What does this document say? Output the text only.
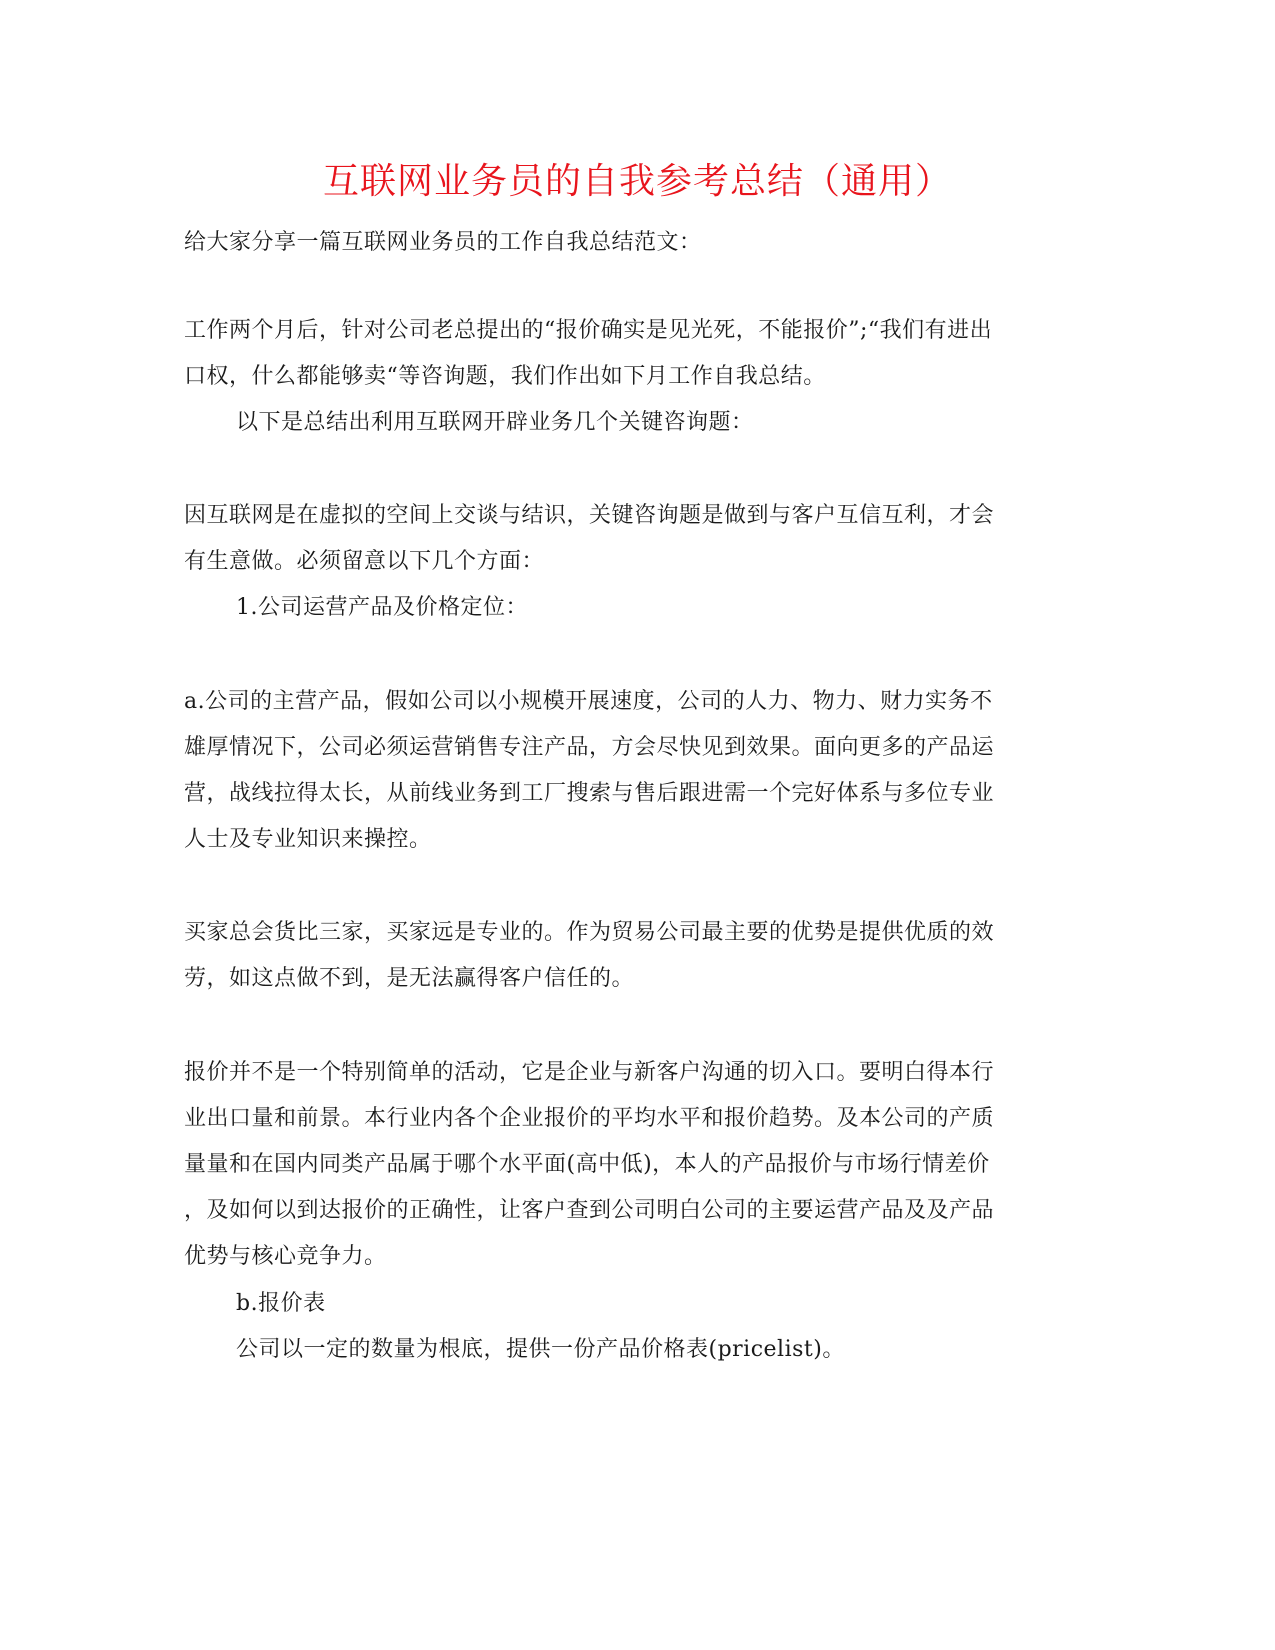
互联网业务员的自我参考总结（通用）
给大家分享一篇互联网业务员的工作自我总结范文：
工作两个月后，针对公司老总提出的“报价确实是见光死，不能报价”;“我们有进出
口权，什么都能够卖“等咨询题，我们作出如下月工作自我总结。
以下是总结出利用互联网开辟业务几个关键咨询题：
因互联网是在虚拟的空间上交谈与结识，关键咨询题是做到与客户互信互利，才会
有生意做。必须留意以下几个方面：
1.公司运营产品及价格定位：
a.公司的主营产品，假如公司以小规模开展速度，公司的人力、物力、财力实务不
雄厚情况下，公司必须运营销售专注产品，方会尽快见到效果。面向更多的产品运
营，战线拉得太长，从前线业务到工厂搜索与售后跟进需一个完好体系与多位专业
人士及专业知识来操控。
买家总会货比三家，买家远是专业的。作为贸易公司最主要的优势是提供优质的效
劳，如这点做不到，是无法赢得客户信任的。
报价并不是一个特别简单的活动，它是企业与新客户沟通的切入口。要明白得本行
业出口量和前景。本行业内各个企业报价的平均水平和报价趋势。及本公司的产质
量量和在国内同类产品属于哪个水平面(高中低)，本人的产品报价与市场行情差价
，及如何以到达报价的正确性，让客户查到公司明白公司的主要运营产品及及产品
优势与核心竞争力。
b.报价表
公司以一定的数量为根底，提供一份产品价格表(pricelist)。
